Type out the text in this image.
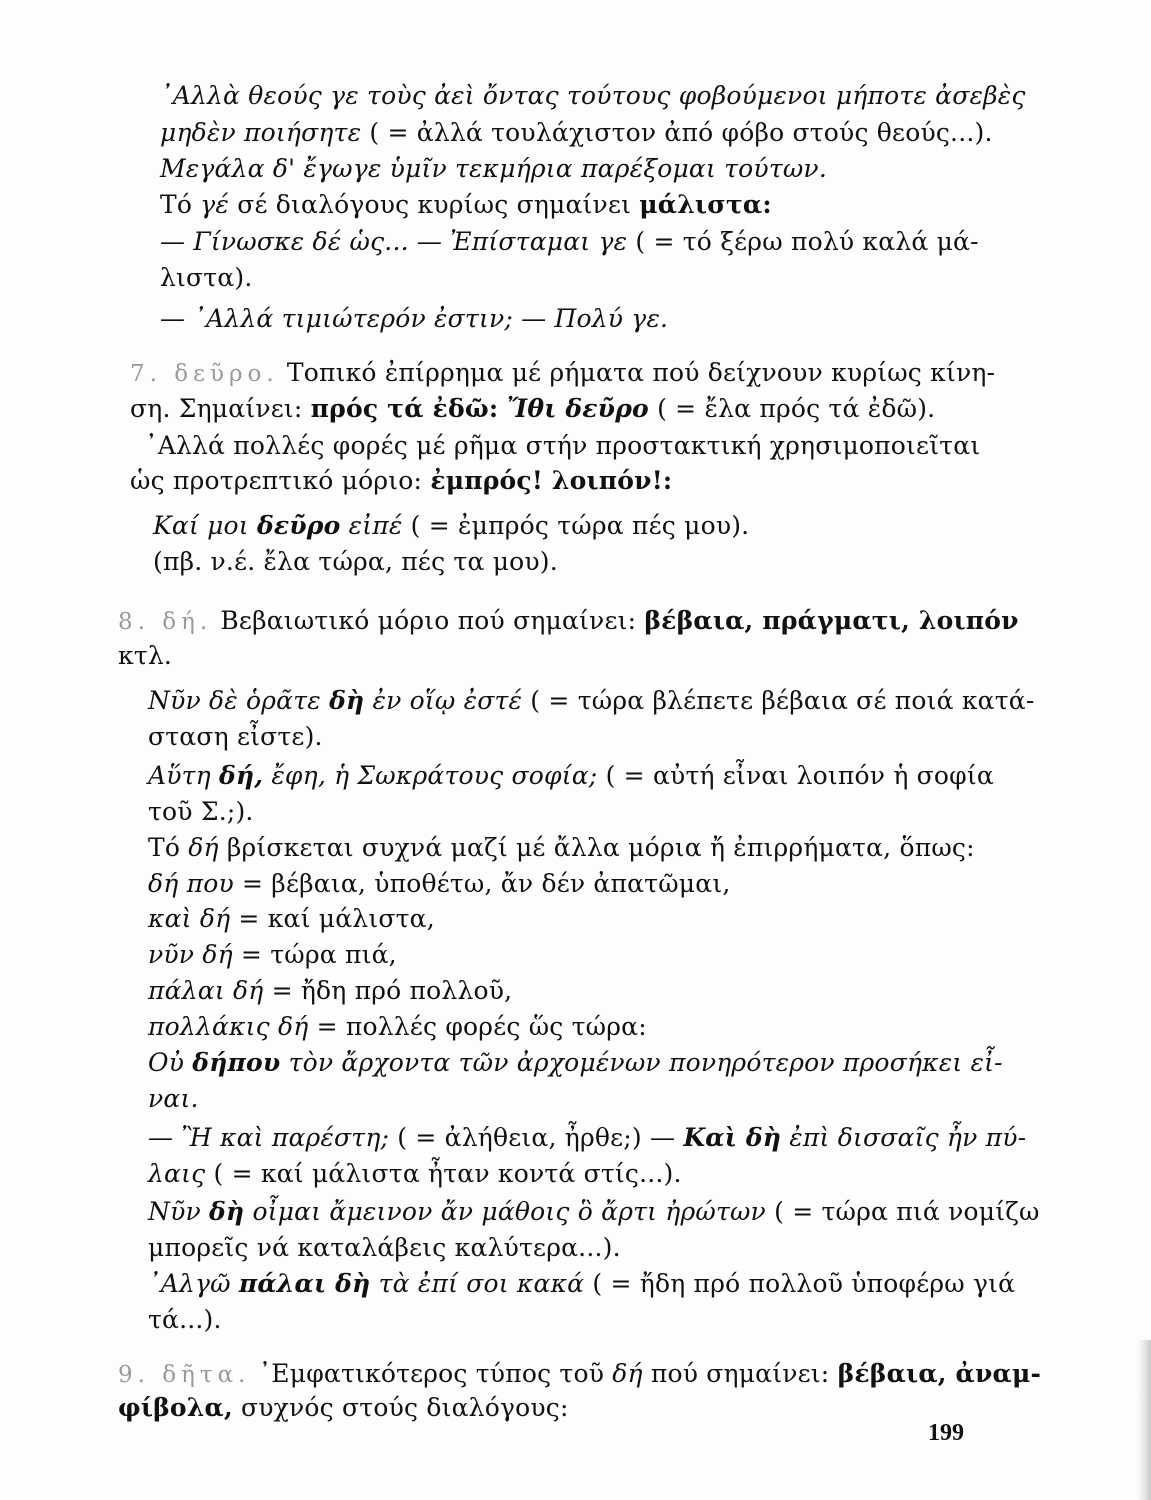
᾿Αλλὰ θεούς γε τοὺς ἀεὶ ὄντας τούτους φοβούμενοι μήποτε ἀσεβὲς
μηδὲν ποιήσητε ( = ἀλλά τουλάχιστον ἀπό φόβο στούς θεούς...).
Μεγάλα δ' ἔγωγε ὑμῖν τεκμήρια παρέξομαι τούτων.
Τό γέ σέ διαλόγους κυρίως σημαίνει μάλιστα:
— Γίνωσκε δέ ὡς... — Ἐπίσταμαι γε ( = τό ξέρω πολύ καλά μά-
λιστα).
— ᾿Αλλά τιμιώτερόν ἐστιν; — Πολύ γε.
7. δεῦρο. Τοπικό ἐπίρρημα μέ ρήματα πού δείχνουν κυρίως κίνη-
ση. Σημαίνει: πρός τά ἐδῶ: Ἴθι δεῦρο ( = ἔλα πρός τά ἐδῶ).
᾿Αλλά πολλές φορές μέ ρῆμα στήν προστακτική χρησιμοποιεῖται
ὡς προτρεπτικό μόριο: ἐμπρός! λοιπόν!:
Καί μοι δεῦρο εἰπέ ( = ἐμπρός τώρα πές μου).
(πβ. ν.έ. ἔλα τώρα, πές τα μου).
8. δή. Βεβαιωτικό μόριο πού σημαίνει: βέβαια, πράγματι, λοιπόν
κτλ.
Νῦν δὲ ὁρᾶτε δὴ ἐν οἵῳ ἐστέ ( = τώρα βλέπετε βέβαια σέ ποιά κατά-
σταση εἶστε).
Αὕτη δή, ἔφη, ἡ Σωκράτους σοφία; ( = αὐτή εἶναι λοιπόν ἡ σοφία
τοῦ Σ.;).
Τό δή βρίσκεται συχνά μαζί μέ ἄλλα μόρια ἤ ἐπιρρήματα, ὅπως:
δή που = βέβαια, ὑποθέτω, ἄν δέν ἀπατῶμαι,
καὶ δή = καί μάλιστα,
νῦν δή = τώρα πιά,
πάλαι δή = ἤδη πρό πολλοῦ,
πολλάκις δή = πολλές φορές ὥς τώρα:
Οὐ δήπου τὸν ἄρχοντα τῶν ἀρχομένων πονηρότερον προσήκει εἶ-
ναι.
— Ἢ καὶ παρέστη; ( = ἀλήθεια, ἦρθε;) — Καὶ δὴ ἐπὶ δισσαῖς ἦν πύ-
λαις ( = καί μάλιστα ἦταν κοντά στίς...).
Νῦν δὴ οἶμαι ἄμεινον ἄν μάθοις ὃ ἄρτι ἠρώτων ( = τώρα πιά νομίζω
μπορεῖς νά καταλάβεις καλύτερα...).
᾿Αλγῶ πάλαι δὴ τὰ ἐπί σοι κακά ( = ἤδη πρό πολλοῦ ὑποφέρω γιά
τά...).
9. δῆτα. ᾿Εμφατικότερος τύπος τοῦ δή πού σημαίνει: βέβαια, ἀναμ-
φίβολα, συχνός στούς διαλόγους:
199
